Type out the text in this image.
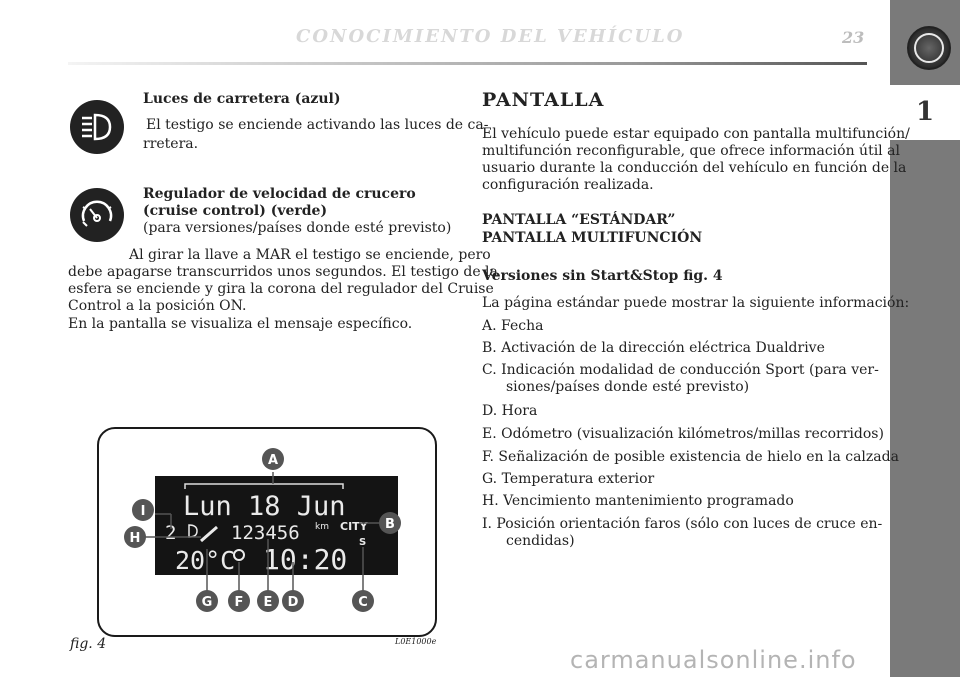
CONOCIMIENTO DEL VEHÍCULO	23
1
Luces de carretera (azul)
El testigo se enciende activando las luces de ca-
rretera.
Regulador de velocidad de crucero
(cruise control) (verde)
(para versiones/países donde esté previsto)
Al girar la llave a MAR el testigo se enciende, pero
debe apagarse transcurridos unos segundos. El testigo de la
esfera se enciende y gira la corona del regulador del Cruise
Control a la posición ON.
En la pantalla se visualiza el mensaje específico.
Lun 18 Jun
2	123456 km CITY
S
20°C 10:20
A
B
C
D
E
F
G
H
I
fig. 4	L0E1000e
PANTALLA
El vehículo puede estar equipado con pantalla multifunción/
multifunción reconfigurable, que ofrece información útil al
usuario durante la conducción del vehículo en función de la
configuración realizada.
PANTALLA “ESTÁNDAR”
PANTALLA MULTIFUNCIÓN
Versiones sin Start&Stop fig. 4
La página estándar puede mostrar la siguiente información:
A. Fecha
B. Activación de la dirección eléctrica Dualdrive
C. Indicación modalidad de conducción Sport (para ver-
siones/países donde esté previsto)
D. Hora
E. Odómetro (visualización kilómetros/millas recorridos)
F. Señalización de posible existencia de hielo en la calzada
G. Temperatura exterior
H. Vencimiento mantenimiento programado
I. Posición orientación faros (sólo con luces de cruce en-
cendidas)
carmanualsonline.info
